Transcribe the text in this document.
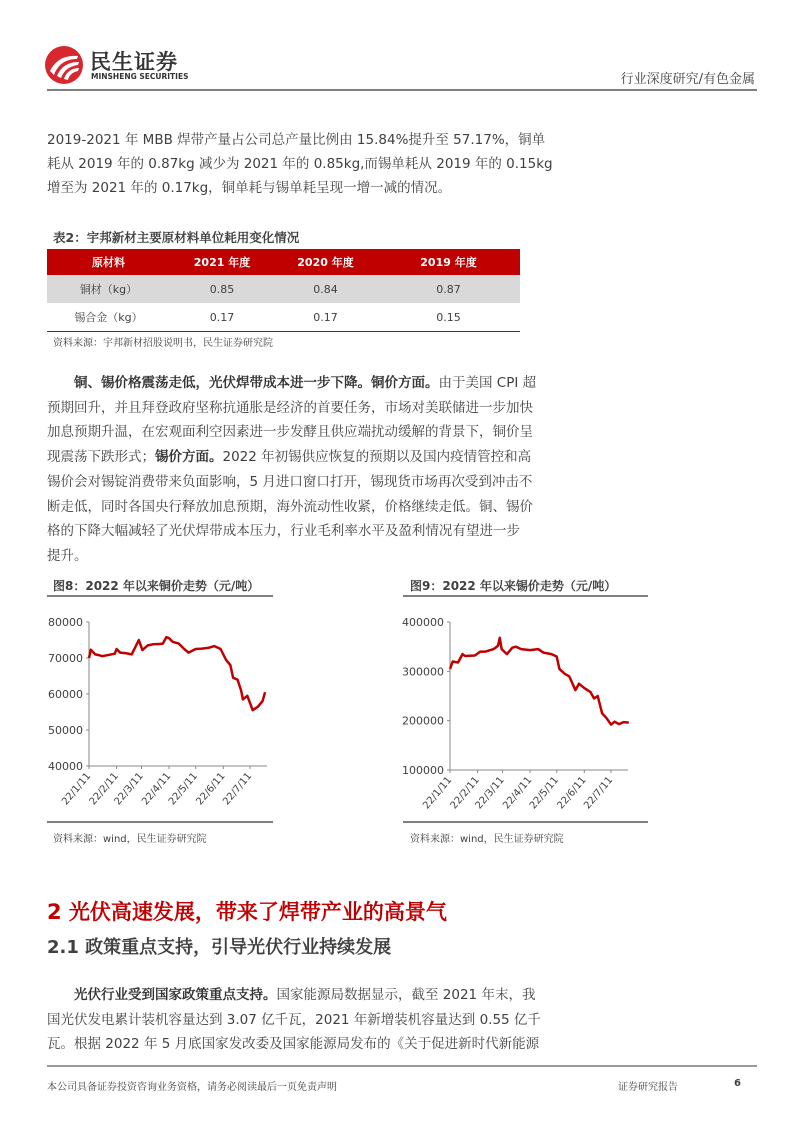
民生证券
MINSHENG SECURITIES	行业深度研究/有色金属
2019-2021 年 MBB 焊带产量占公司总产量比例由 15.84%提升至 57.17%，铜单
耗从 2019 年的 0.87kg 减少为 2021 年的 0.85kg,而锡单耗从 2019 年的 0.15kg
增至为 2021 年的 0.17kg，铜单耗与锡单耗呈现一增一减的情况。
表2：宇邦新材主要原材料单位耗用变化情况
原材料	2021 年度	2020 年度	2019 年度
铜材（kg）	0.85	0.84	0.87
锡合金（kg）	0.17	0.17	0.15
资料来源：宇邦新材招股说明书，民生证券研究院
铜、锡价格震荡走低，光伏焊带成本进一步下降。铜价方面。由于美国 CPI 超
预期回升，并且拜登政府坚称抗通胀是经济的首要任务，市场对美联储进一步加快
加息预期升温，在宏观面利空因素进一步发酵且供应端扰动缓解的背景下，铜价呈
现震荡下跌形式；锡价方面。2022 年初锡供应恢复的预期以及国内疫情管控和高
锡价会对锡锭消费带来负面影响，5 月进口窗口打开，锡现货市场再次受到冲击不
断走低，同时各国央行释放加息预期，海外流动性收紧，价格继续走低。铜、锡价
格的下降大幅减轻了光伏焊带成本压力，行业毛利率水平及盈利情况有望进一步
提升。
图8：2022 年以来铜价走势（元/吨）
80000
70000
60000
50000
40000
22/1/11
22/2/11
22/3/11
22/4/11
22/5/11
22/6/11
22/7/11
资料来源：wind，民生证券研究院
图9：2022 年以来锡价走势（元/吨）
400000
300000
200000
100000
22/1/11
22/2/11
22/3/11
22/4/11
22/5/11
22/6/11
22/7/11
资料来源：wind，民生证券研究院
2 光伏高速发展，带来了焊带产业的高景气
2.1 政策重点支持，引导光伏行业持续发展
光伏行业受到国家政策重点支持。国家能源局数据显示，截至 2021 年末，我
国光伏发电累计装机容量达到 3.07 亿千瓦，2021 年新增装机容量达到 0.55 亿千
瓦。根据 2022 年 5 月底国家发改委及国家能源局发布的《关于促进新时代新能源
本公司具备证券投资咨询业务资格，请务必阅读最后一页免责声明	证券研究报告	6
